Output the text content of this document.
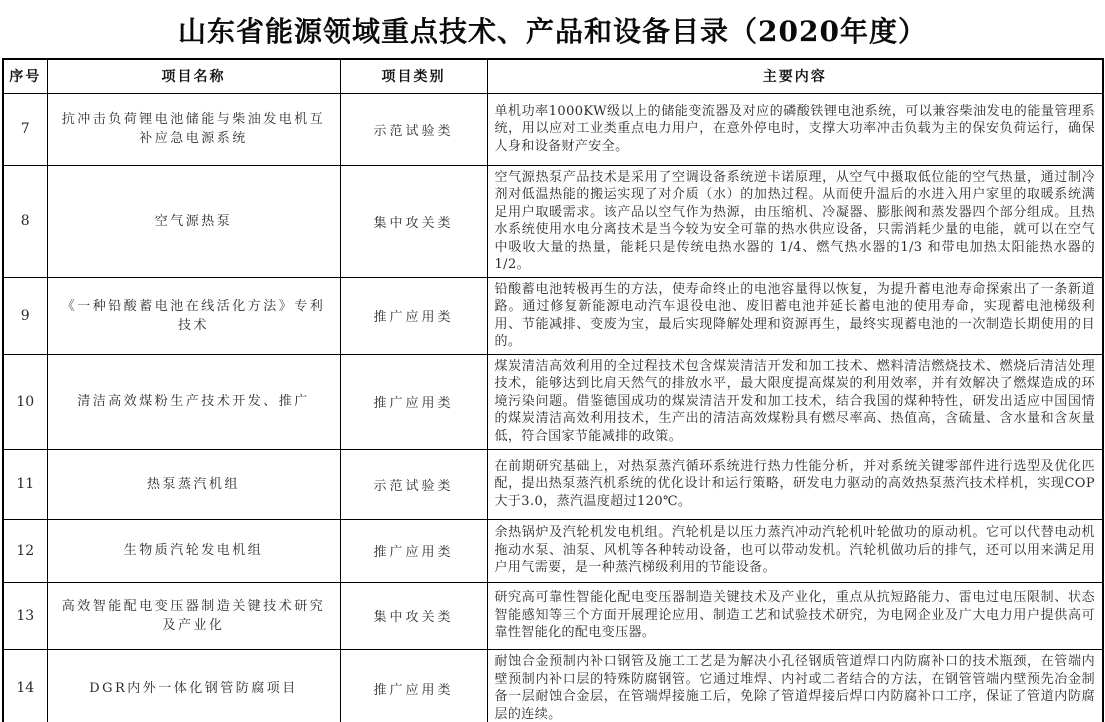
山东省能源领域重点技术、产品和设备目录（2020年度）
序号	项目名称	项目类别	主要内容
7	抗冲击负荷锂电池储能与柴油发电机互补应急电源系统	示范试验类	单机功率1000KW级以上的储能变流器及对应的磷酸铁锂电池系统，可以兼容柴油发电的能量管理系统，用以应对工业类重点电力用户，在意外停电时，支撑大功率冲击负载为主的保安负荷运行，确保人身和设备财产安全。
8	空气源热泵	集中攻关类	空气源热泵产品技术是采用了空调设备系统逆卡诺原理，从空气中摄取低位能的空气热量，通过制冷剂对低温热能的搬运实现了对介质（水）的加热过程。从而使升温后的水进入用户家里的取暖系统满足用户取暖需求。该产品以空气作为热源，由压缩机、冷凝器、膨胀阀和蒸发器四个部分组成。且热水系统使用水电分离技术是当今较为安全可靠的热水供应设备，只需消耗少量的电能，就可以在空气中吸收大量的热量，能耗只是传统电热水器的 1/4、燃气热水器的1/3 和带电加热太阳能热水器的 1/2。
9	《一种铅酸蓄电池在线活化方法》专利技术	推广应用类	铅酸蓄电池转极再生的方法，使寿命终止的电池容量得以恢复，为提升蓄电池寿命探索出了一条新道路。通过修复新能源电动汽车退役电池、废旧蓄电池并延长蓄电池的使用寿命，实现蓄电池梯级利用、节能减排、变废为宝，最后实现降解处理和资源再生，最终实现蓄电池的一次制造长期使用的目的。
10	清洁高效煤粉生产技术开发、推广	推广应用类	煤炭清洁高效利用的全过程技术包含煤炭清洁开发和加工技术、燃料清洁燃烧技术、燃烧后清洁处理技术，能够达到比肩天然气的排放水平，最大限度提高煤炭的利用效率，并有效解决了燃煤造成的环境污染问题。借鉴德国成功的煤炭清洁开发和加工技术，结合我国的煤种特性，研发出适应中国国情的煤炭清洁高效利用技术，生产出的清洁高效煤粉具有燃尽率高、热值高，含硫量、含水量和含灰量低，符合国家节能减排的政策。
11	热泵蒸汽机组	示范试验类	在前期研究基础上，对热泵蒸汽循环系统进行热力性能分析，并对系统关键零部件进行选型及优化匹配，提出热泵蒸汽机系统的优化设计和运行策略，研发电力驱动的高效热泵蒸汽技术样机，实现COP大于3.0，蒸汽温度超过120℃。
12	生物质汽轮发电机组	推广应用类	余热锅炉及汽轮机发电机组。汽轮机是以压力蒸汽冲动汽轮机叶轮做功的原动机。它可以代替电动机拖动水泵、油泵、风机等各种转动设备，也可以带动发机。汽轮机做功后的排气，还可以用来满足用户用气需要，是一种蒸汽梯级利用的节能设备。
13	高效智能配电变压器制造关键技术研究及产业化	集中攻关类	研究高可靠性智能化配电变压器制造关键技术及产业化，重点从抗短路能力、雷电过电压限制、状态智能感知等三个方面开展理论应用、制造工艺和试验技术研究，为电网企业及广大电力用户提供高可靠性智能化的配电变压器。
14	DGR内外一体化钢管防腐项目	推广应用类	耐蚀合金预制内补口钢管及施工工艺是为解决小孔径钢质管道焊口内防腐补口的技术瓶颈，在管端内壁预制内补口层的特殊防腐钢管。它通过堆焊、内衬或二者结合的方法，在钢管管端内壁预先冶金制备一层耐蚀合金层，在管端焊接施工后，免除了管道焊接后焊口内防腐补口工序，保证了管道内防腐层的连续。
